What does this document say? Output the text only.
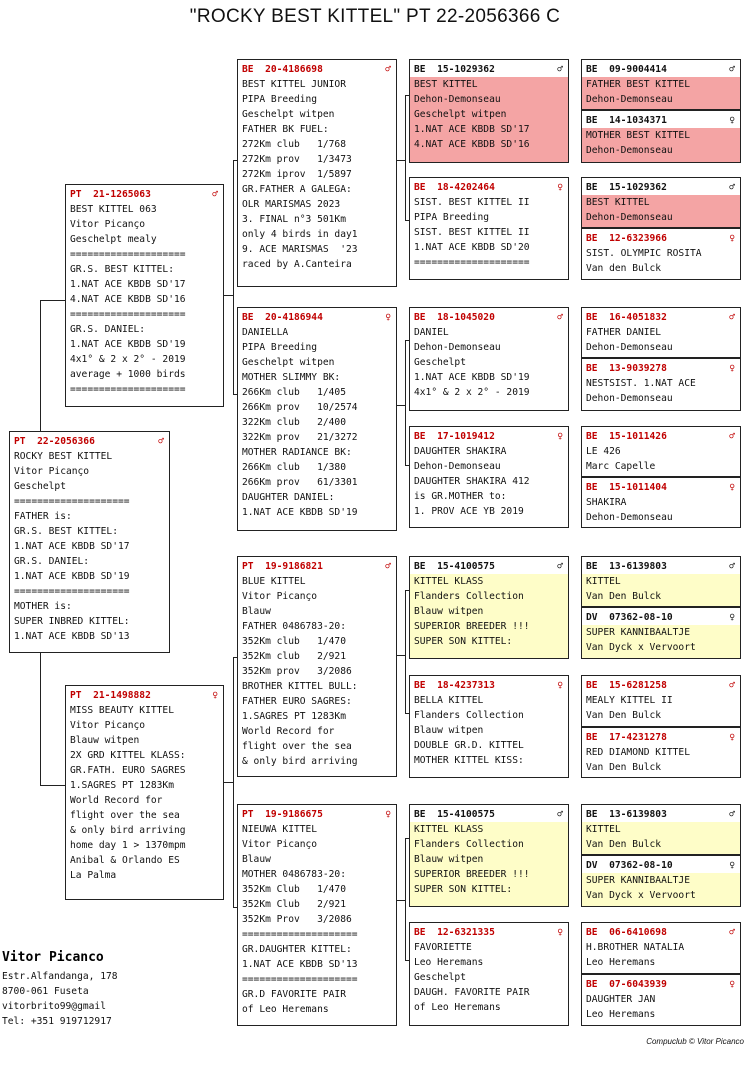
"ROCKY BEST KITTEL" PT 22-2056366 C
PT  22-2056366	♂
ROCKY BEST KITTEL
Vitor Picanço
Geschelpt
====================
FATHER is:
GR.S. BEST KITTEL:
1.NAT ACE KBDB SD'17
GR.S. DANIEL:
1.NAT ACE KBDB SD'19
====================
MOTHER is:
SUPER INBRED KITTEL:
1.NAT ACE KBDB SD'13
PT  21-1265063	♂
BEST KITTEL 063
Vitor Picanço
Geschelpt mealy
====================
GR.S. BEST KITTEL:
1.NAT ACE KBDB SD'17
4.NAT ACE KBDB SD'16
====================
GR.S. DANIEL:
1.NAT ACE KBDB SD'19
4x1° & 2 x 2° - 2019
average + 1000 birds
====================
PT  21-1498882	♀
MISS BEAUTY KITTEL
Vitor Picanço
Blauw witpen
2X GRD KITTEL KLASS:
GR.FATH. EURO SAGRES
1.SAGRES PT 1283Km
World Record for
flight over the sea
& only bird arriving
home day 1 > 1370mpm
Anibal & Orlando ES
La Palma
BE  20-4186698	♂
BEST KITTEL JUNIOR
PIPA Breeding
Geschelpt witpen
FATHER BK FUEL:
272Km club   1/768
272Km prov   1/3473
272Km iprov  1/5897
GR.FATHER A GALEGA:
OLR MARISMAS 2023
3. FINAL n°3 501Km
only 4 birds in day1
9. ACE MARISMAS  '23
raced by A.Canteira
BE  20-4186944	♀
DANIELLA
PIPA Breeding
Geschelpt witpen
MOTHER SLIMMY BK:
266Km club   1/405
266Km prov   10/2574
322Km club   2/400
322Km prov   21/3272
MOTHER RADIANCE BK:
266Km club   1/380
266Km prov   61/3301
DAUGHTER DANIEL:
1.NAT ACE KBDB SD'19
PT  19-9186821	♂
BLUE KITTEL
Vitor Picanço
Blauw
FATHER 0486783-20:
352Km club   1/470
352Km club   2/921
352Km prov   3/2086
BROTHER KITTEL BULL:
FATHER EURO SAGRES:
1.SAGRES PT 1283Km
World Record for
flight over the sea
& only bird arriving
PT  19-9186675	♀
NIEUWA KITTEL
Vitor Picanço
Blauw
MOTHER 0486783-20:
352Km Club   1/470
352Km Club   2/921
352Km Prov   3/2086
====================
GR.DAUGHTER KITTEL:
1.NAT ACE KBDB SD'13
====================
GR.D FAVORITE PAIR
of Leo Heremans
BE  15-1029362	♂
BEST KITTEL
Dehon-Demonseau
Geschelpt witpen
1.NAT ACE KBDB SD'17
4.NAT ACE KBDB SD'16
BE  18-4202464	♀
SIST. BEST KITTEL II
PIPA Breeding
SIST. BEST KITTEL II
1.NAT ACE KBDB SD'20
====================
BE  18-1045020	♂
DANIEL
Dehon-Demonseau
Geschelpt
1.NAT ACE KBDB SD'19
4x1° & 2 x 2° - 2019
BE  17-1019412	♀
DAUGHTER SHAKIRA
Dehon-Demonseau
DAUGHTER SHAKIRA 412
is GR.MOTHER to:
1. PROV ACE YB 2019
BE  15-4100575	♂
KITTEL KLASS
Flanders Collection
Blauw witpen
SUPERIOR BREEDER !!!
SUPER SON KITTEL:
BE  18-4237313	♀
BELLA KITTEL
Flanders Collection
Blauw witpen
DOUBLE GR.D. KITTEL
MOTHER KITTEL KISS:
BE  15-4100575	♂
KITTEL KLASS
Flanders Collection
Blauw witpen
SUPERIOR BREEDER !!!
SUPER SON KITTEL:
BE  12-6321335	♀
FAVORIETTE
Leo Heremans
Geschelpt
DAUGH. FAVORITE PAIR
of Leo Heremans
BE  09-9004414	♂
FATHER BEST KITTEL
Dehon-Demonseau
BE  14-1034371	♀
MOTHER BEST KITTEL
Dehon-Demonseau
BE  15-1029362	♂
BEST KITTEL
Dehon-Demonseau
BE  12-6323966	♀
SIST. OLYMPIC ROSITA
Van den Bulck
BE  16-4051832	♂
FATHER DANIEL
Dehon-Demonseau
BE  13-9039278	♀
NESTSIST. 1.NAT ACE
Dehon-Demonseau
BE  15-1011426	♂
LE 426
Marc Capelle
BE  15-1011404	♀
SHAKIRA
Dehon-Demonseau
BE  13-6139803	♂
KITTEL
Van Den Bulck
DV  07362-08-10	♀
SUPER KANNIBAALTJE
Van Dyck x Vervoort
BE  15-6281258	♂
MEALY KITTEL II
Van Den Bulck
BE  17-4231278	♀
RED DIAMOND KITTEL
Van Den Bulck
BE  13-6139803	♂
KITTEL
Van Den Bulck
DV  07362-08-10	♀
SUPER KANNIBAALTJE
Van Dyck x Vervoort
BE  06-6410698	♂
H.BROTHER NATALIA
Leo Heremans
BE  07-6043939	♀
DAUGHTER JAN
Leo Heremans
Vitor Picanco
Estr.Alfandanga, 178
8700-061 Fuseta
vitorbrito99@gmail
Tel: +351 919712917
Compuclub © Vitor Picanco
